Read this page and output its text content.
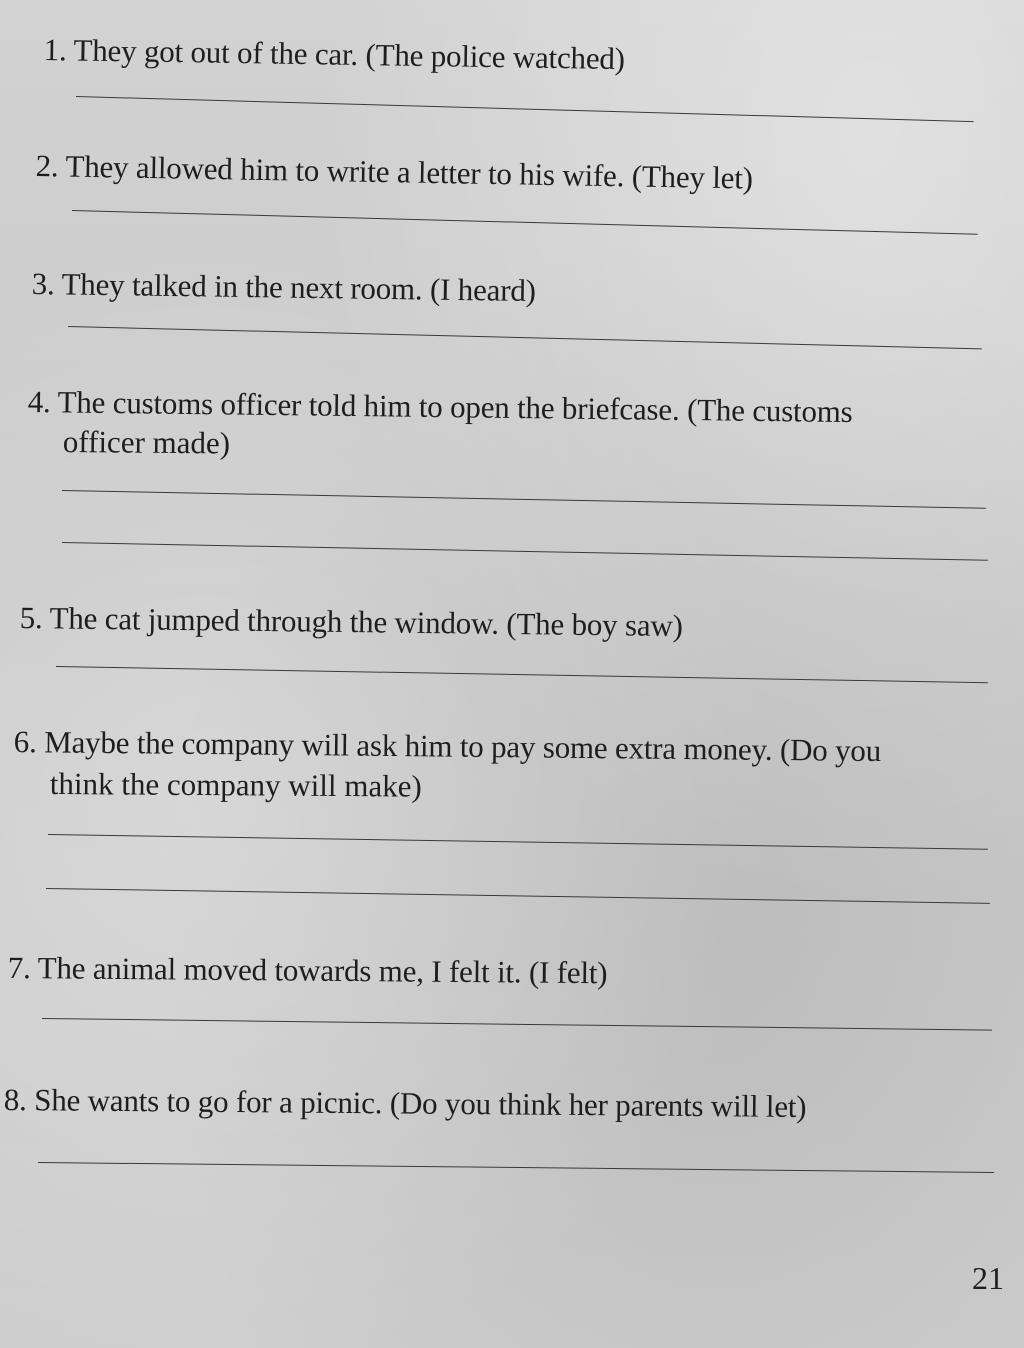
1. They got out of the car. (The police watched)
2. They allowed him to write a letter to his wife. (They let)
3. They talked in the next room. (I heard)
4. The customs officer told him to open the briefcase. (The customs
officer made)
5. The cat jumped through the window. (The boy saw)
6. Maybe the company will ask him to pay some extra money. (Do you
think the company will make)
7. The animal moved towards me, I felt it. (I felt)
8. She wants to go for a picnic. (Do you think her parents will let)
21
